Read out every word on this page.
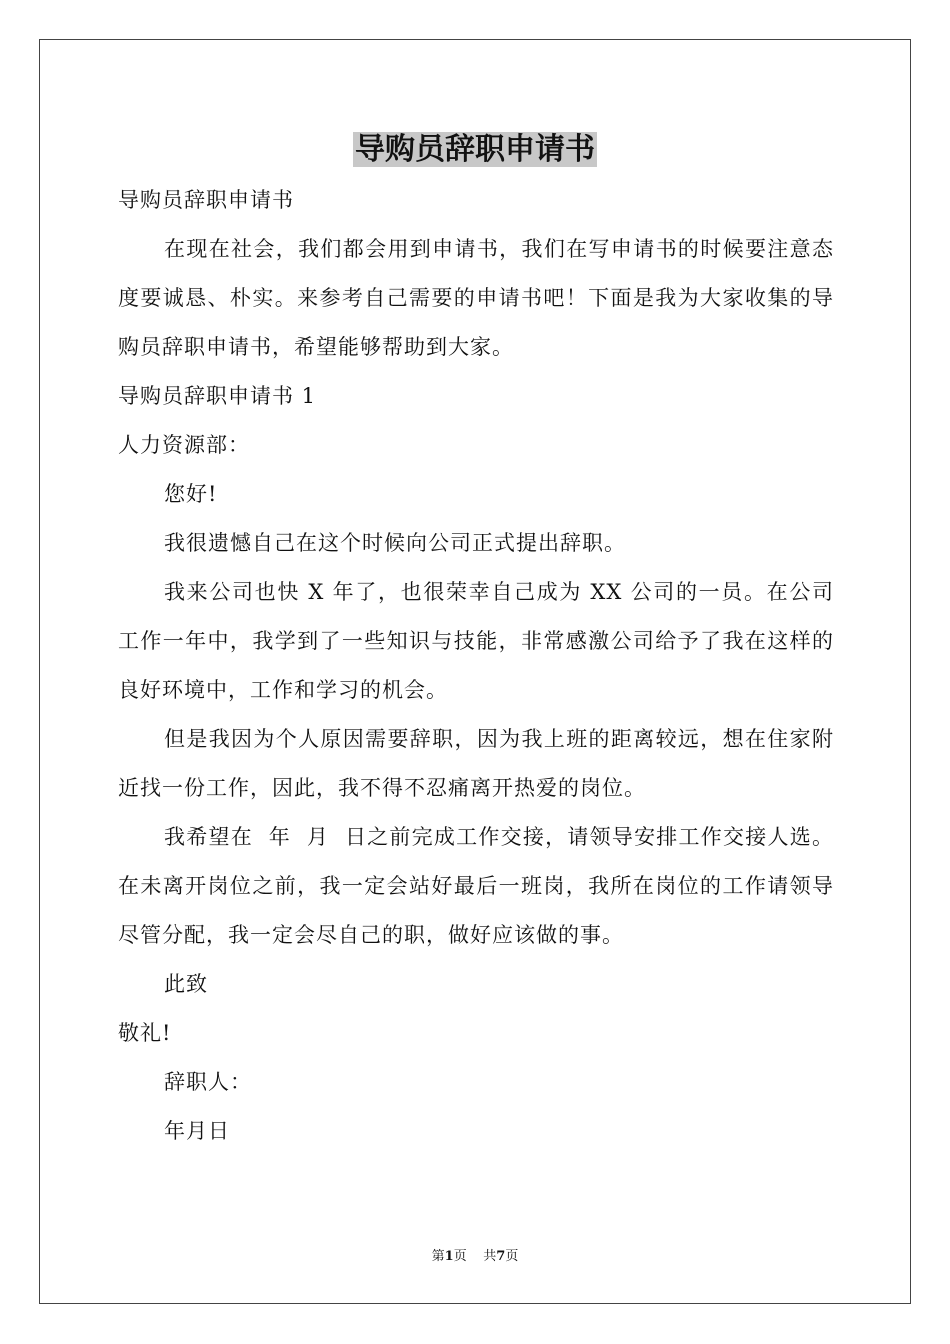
导购员辞职申请书

导购员辞职申请书

在现在社会，我们都会用到申请书，我们在写申请书的时候要注意态度要诚恳、朴实。来参考自己需要的申请书吧！下面是我为大家收集的导购员辞职申请书，希望能够帮助到大家。

导购员辞职申请书 1

人力资源部：

您好!

我很遗憾自己在这个时候向公司正式提出辞职。

我来公司也快 X 年了，也很荣幸自己成为 XX 公司的一员。在公司工作一年中，我学到了一些知识与技能，非常感激公司给予了我在这样的良好环境中，工作和学习的机会。

但是我因为个人原因需要辞职，因为我上班的距离较远，想在住家附近找一份工作，因此，我不得不忍痛离开热爱的岗位。

我希望在  年  月  日之前完成工作交接，请领导安排工作交接人选。在未离开岗位之前，我一定会站好最后一班岗，我所在岗位的工作请领导尽管分配，我一定会尽自己的职，做好应该做的事。

此致

敬礼!

辞职人：

年月日

第1页 共7页
